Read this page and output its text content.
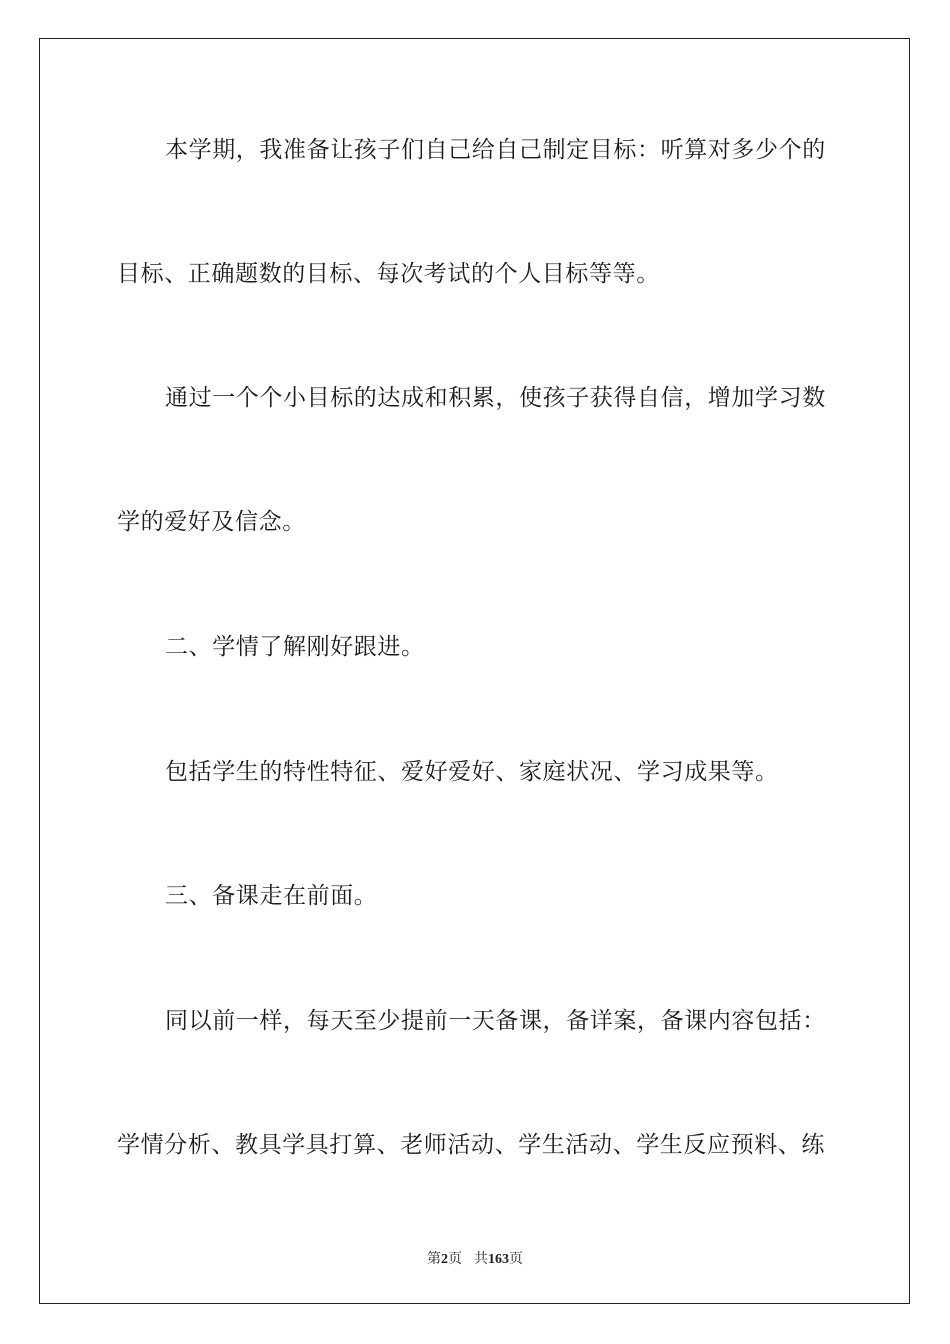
本学期，我准备让孩子们自己给自己制定目标：听算对多少个的
目标、正确题数的目标、每次考试的个人目标等等。
通过一个个小目标的达成和积累，使孩子获得自信，增加学习数
学的爱好及信念。
二、学情了解刚好跟进。
包括学生的特性特征、爱好爱好、家庭状况、学习成果等。
三、备课走在前面。
同以前一样，每天至少提前一天备课，备详案，备课内容包括：
学情分析、教具学具打算、老师活动、学生活动、学生反应预料、练
第2页 共163页
